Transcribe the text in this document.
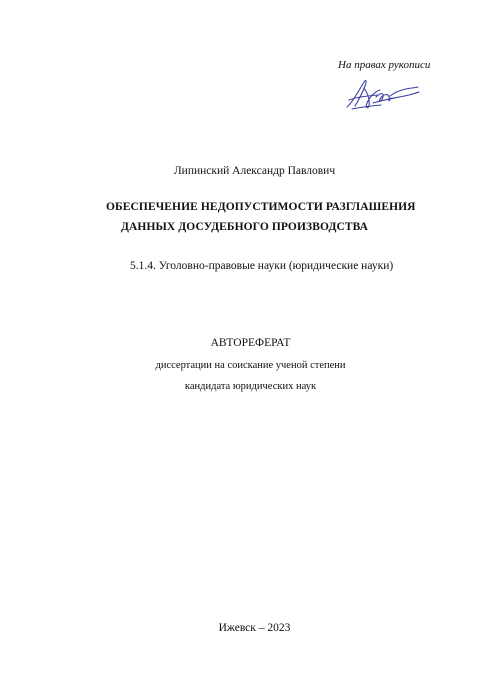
На правах рукописи
Липинский Александр Павлович
ОБЕСПЕЧЕНИЕ НЕДОПУСТИМОСТИ РАЗГЛАШЕНИЯ
ДАННЫХ ДОСУДЕБНОГО ПРОИЗВОДСТВА
5.1.4. Уголовно-правовые науки (юридические науки)
АВТОРЕФЕРАТ
диссертации на соискание ученой степени
кандидата юридических наук
Ижевск – 2023
